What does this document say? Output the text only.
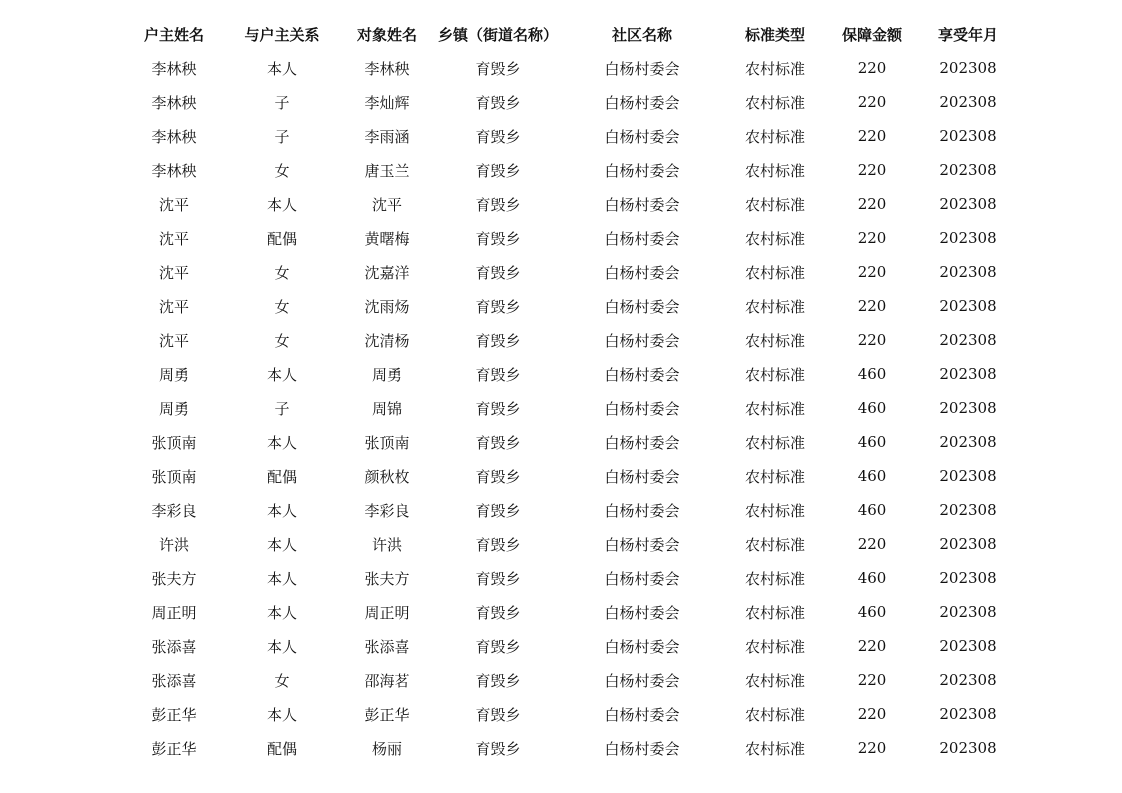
户主姓名	与户主关系	对象姓名	乡镇（街道名称）	社区名称	标准类型	保障金额	享受年月
李林秧	本人	李林秧	育毁乡	白杨村委会	农村标准	220	202308
李林秧	子	李灿辉	育毁乡	白杨村委会	农村标准	220	202308
李林秧	子	李雨涵	育毁乡	白杨村委会	农村标准	220	202308
李林秧	女	唐玉兰	育毁乡	白杨村委会	农村标准	220	202308
沈平	本人	沈平	育毁乡	白杨村委会	农村标准	220	202308
沈平	配偶	黄曙梅	育毁乡	白杨村委会	农村标准	220	202308
沈平	女	沈嘉洋	育毁乡	白杨村委会	农村标准	220	202308
沈平	女	沈雨炀	育毁乡	白杨村委会	农村标准	220	202308
沈平	女	沈清杨	育毁乡	白杨村委会	农村标准	220	202308
周勇	本人	周勇	育毁乡	白杨村委会	农村标准	460	202308
周勇	子	周锦	育毁乡	白杨村委会	农村标准	460	202308
张顶南	本人	张顶南	育毁乡	白杨村委会	农村标准	460	202308
张顶南	配偶	颜秋枚	育毁乡	白杨村委会	农村标准	460	202308
李彩良	本人	李彩良	育毁乡	白杨村委会	农村标准	460	202308
许洪	本人	许洪	育毁乡	白杨村委会	农村标准	220	202308
张夫方	本人	张夫方	育毁乡	白杨村委会	农村标准	460	202308
周正明	本人	周正明	育毁乡	白杨村委会	农村标准	460	202308
张添喜	本人	张添喜	育毁乡	白杨村委会	农村标准	220	202308
张添喜	女	邵海茗	育毁乡	白杨村委会	农村标准	220	202308
彭正华	本人	彭正华	育毁乡	白杨村委会	农村标准	220	202308
彭正华	配偶	杨丽	育毁乡	白杨村委会	农村标准	220	202308
